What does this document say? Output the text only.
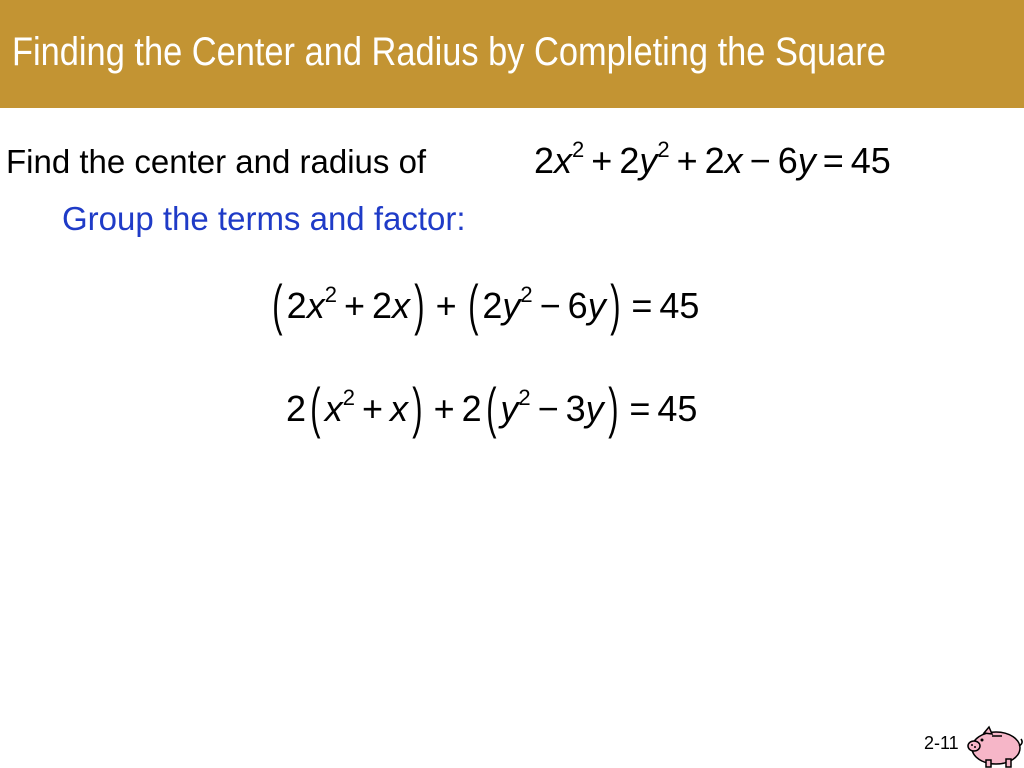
Finding the Center and Radius by Completing the Square
Find the center and radius of	$2x^2 + 2y^2 + 2x - 6y = 45$
Group the terms and factor:
( $2x^2 + 2x$) + ( $2y^2 - 6y) = 45$
2( $x^2 + x) + 2$( $y^2 - 3y) = 45$
2-11
